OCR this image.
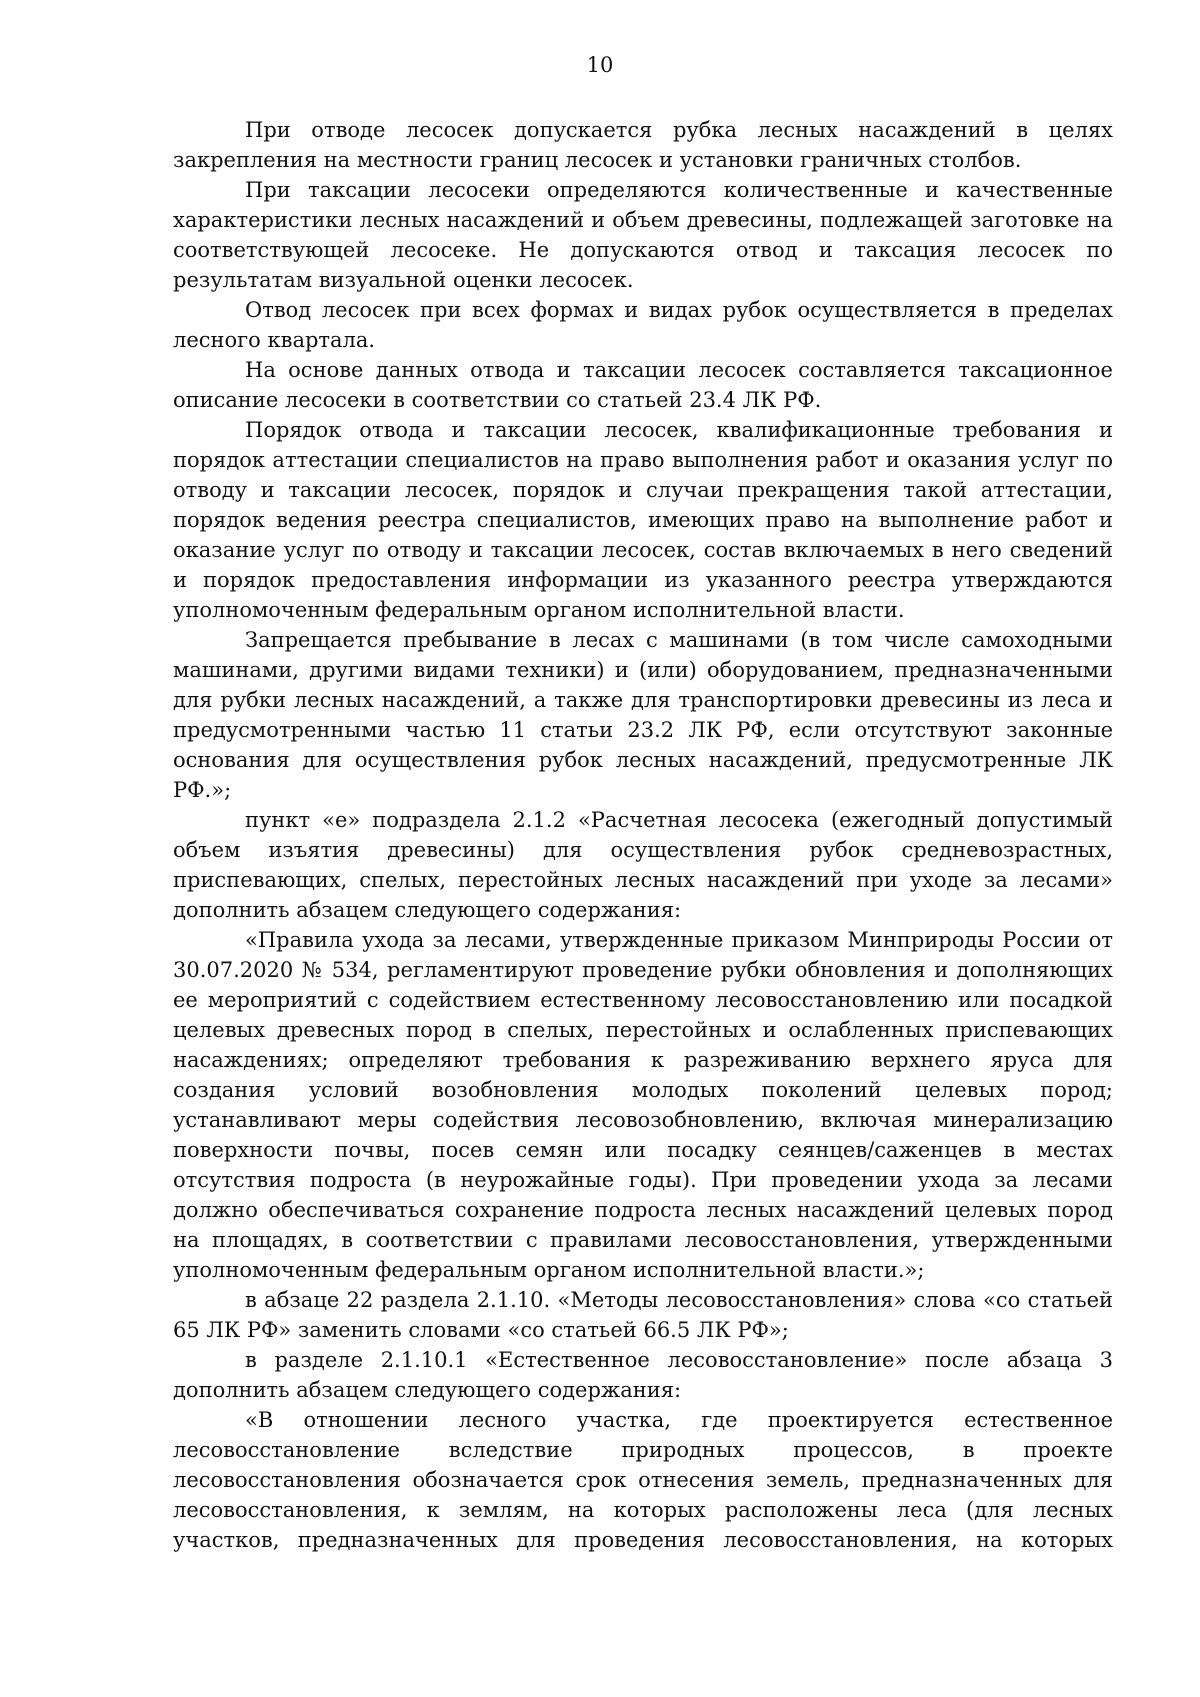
10

При отводе лесосек допускается рубка лесных насаждений в целях закрепления на местности границ лесосек и установки граничных столбов.

При таксации лесосеки определяются количественные и качественные характеристики лесных насаждений и объем древесины, подлежащей заготовке на соответствующей лесосеке. Не допускаются отвод и таксация лесосек по результатам визуальной оценки лесосек.

Отвод лесосек при всех формах и видах рубок осуществляется в пределах лесного квартала.

На основе данных отвода и таксации лесосек составляется таксационное описание лесосеки в соответствии со статьей 23.4 ЛК РФ.

Порядок отвода и таксации лесосек, квалификационные требования и порядок аттестации специалистов на право выполнения работ и оказания услуг по отводу и таксации лесосек, порядок и случаи прекращения такой аттестации, порядок ведения реестра специалистов, имеющих право на выполнение работ и оказание услуг по отводу и таксации лесосек, состав включаемых в него сведений и порядок предоставления информации из указанного реестра утверждаются уполномоченным федеральным органом исполнительной власти.

Запрещается пребывание в лесах с машинами (в том числе самоходными машинами, другими видами техники) и (или) оборудованием, предназначенными для рубки лесных насаждений, а также для транспортировки древесины из леса и предусмотренными частью 11 статьи 23.2 ЛК РФ, если отсутствуют законные основания для осуществления рубок лесных насаждений, предусмотренные ЛК РФ.»;

пункт «е» подраздела 2.1.2 «Расчетная лесосека (ежегодный допустимый объем изъятия древесины) для осуществления рубок средневозрастных, приспевающих, спелых, перестойных лесных насаждений при уходе за лесами» дополнить абзацем следующего содержания:

«Правила ухода за лесами, утвержденные приказом Минприроды России от 30.07.2020 № 534, регламентируют проведение рубки обновления и дополняющих ее мероприятий с содействием естественному лесовосстановлению или посадкой целевых древесных пород в спелых, перестойных и ослабленных приспевающих насаждениях; определяют требования к разреживанию верхнего яруса для создания условий возобновления молодых поколений целевых пород; устанавливают меры содействия лесовозобновлению, включая минерализацию поверхности почвы, посев семян или посадку сеянцев/саженцев в местах отсутствия подроста (в неурожайные годы). При проведении ухода за лесами должно обеспечиваться сохранение подроста лесных насаждений целевых пород на площадях, в соответствии с правилами лесовосстановления, утвержденными уполномоченным федеральным органом исполнительной власти.»;

в абзаце 22 раздела 2.1.10. «Методы лесовосстановления» слова «со статьей 65 ЛК РФ» заменить словами «со статьей 66.5 ЛК РФ»;

в разделе 2.1.10.1 «Естественное лесовосстановление» после абзаца 3 дополнить абзацем следующего содержания:

«В отношении лесного участка, где проектируется естественное лесовосстановление вследствие природных процессов, в проекте лесовосстановления обозначается срок отнесения земель, предназначенных для лесовосстановления, к землям, на которых расположены леса (для лесных участков, предназначенных для проведения лесовосстановления, на которых
